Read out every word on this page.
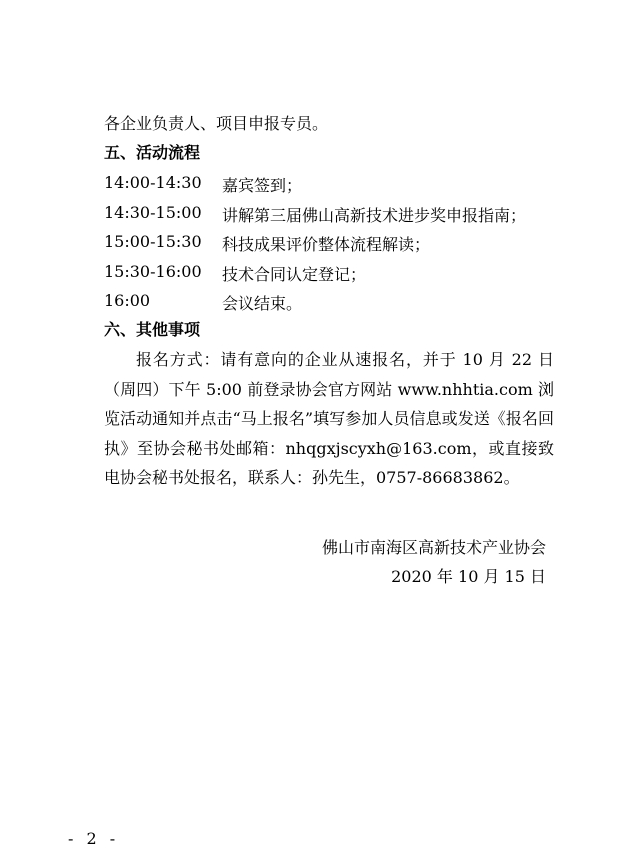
各企业负责人、项目申报专员。
五、活动流程
14:00-14:30 嘉宾签到；
14:30-15:00 讲解第三届佛山高新技术进步奖申报指南；
15:00-15:30 科技成果评价整体流程解读；
15:30-16:00 技术合同认定登记；
16:00	会议结束。
六、其他事项

报名方式：请有意向的企业从速报名，并于 10 月 22 日（周四）下午 5:00 前登录协会官方网站 www.nhhtia.com 浏览活动通知并点击“马上报名”填写参加人员信息或发送《报名回执》至协会秘书处邮箱：nhqgxjscyxh@163.com，或直接致电协会秘书处报名，联系人：孙先生，0757-86683862。

佛山市南海区高新技术产业协会
2020 年 10 月 15 日
- 2 -
